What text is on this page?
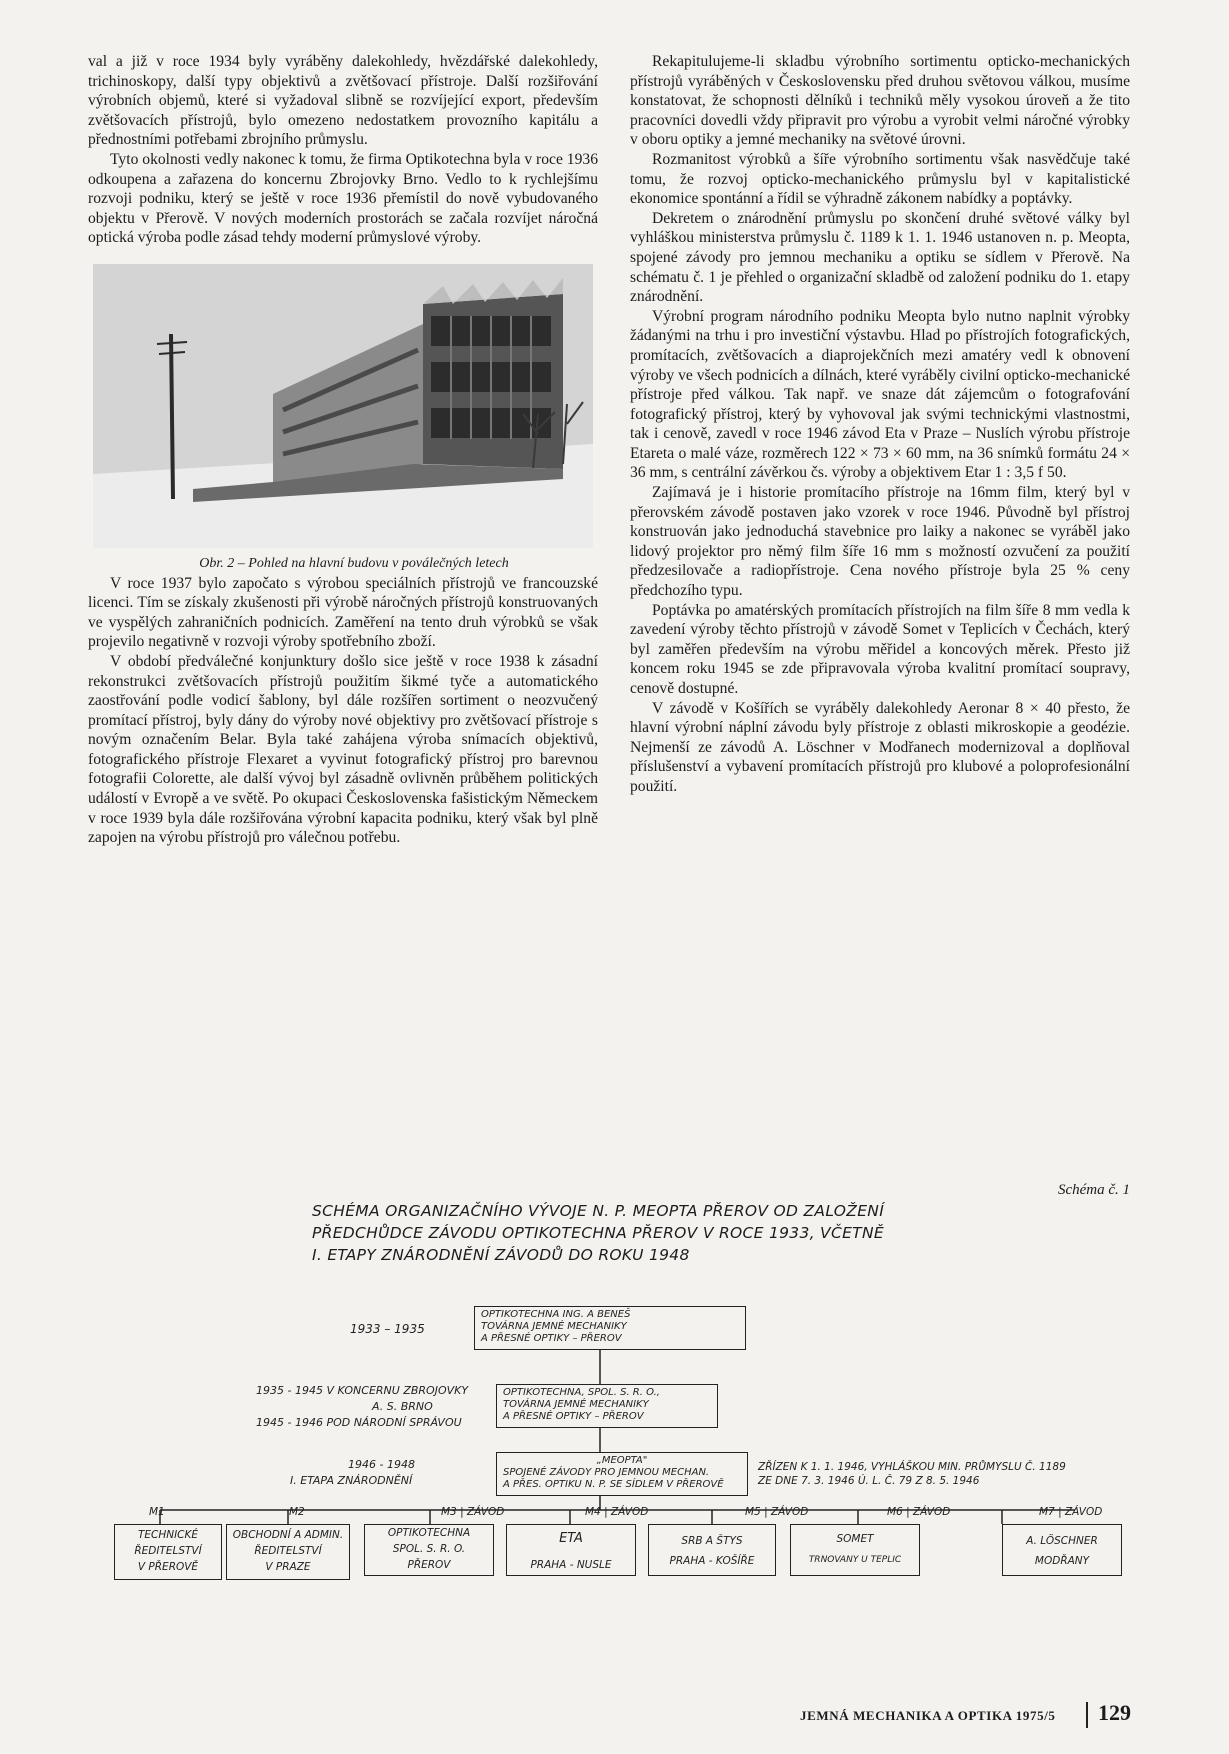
val a již v roce 1934 byly vyráběny dalekohledy, hvězdářské dalekohledy, trichinoskopy, další typy objektivů a zvětšovací přístroje. Další rozšiřování výrobních objemů, které si vyžadoval slibně se rozvíjející export, především zvětšovacích přístrojů, bylo omezeno nedostatkem provozního kapitálu a přednostními potřebami zbrojního průmyslu.

Tyto okolnosti vedly nakonec k tomu, že firma Optikotechna byla v roce 1936 odkoupena a zařazena do koncernu Zbrojovky Brno. Vedlo to k rychlejšímu rozvoji podniku, který se ještě v roce 1936 přemístil do nově vybudovaného objektu v Přerově. V nových moderních prostorách se začala rozvíjet náročná optická výroba podle zásad tehdy moderní průmyslové výroby.

Obr. 2 – Pohled na hlavní budovu v poválečných letech

V roce 1937 bylo započato s výrobou speciálních přístrojů ve francouzské licenci. Tím se získaly zkušenosti při výrobě náročných přístrojů konstruovaných ve vyspělých zahraničních podnicích. Zaměření na tento druh výrobků se však projevilo negativně v rozvoji výroby spotřebního zboží.

V období předválečné konjunktury došlo sice ještě v roce 1938 k zásadní rekonstrukci zvětšovacích přístrojů použitím šikmé tyče a automatického zaostřování podle vodicí šablony, byl dále rozšířen sortiment o neozvučený promítací přístroj, byly dány do výroby nové objektivy pro zvětšovací přístroje s novým označením Belar. Byla také zahájena výroba snímacích objektivů, fotografického přístroje Flexaret a vyvinut fotografický přístroj pro barevnou fotografii Colorette, ale další vývoj byl zásadně ovlivněn průběhem politických událostí v Evropě a ve světě. Po okupaci Československa fašistickým Německem v roce 1939 byla dále rozšiřována výrobní kapacita podniku, který však byl plně zapojen na výrobu přístrojů pro válečnou potřebu.

Rekapitulujeme-li skladbu výrobního sortimentu opticko-mechanických přístrojů vyráběných v Československu před druhou světovou válkou, musíme konstatovat, že schopnosti dělníků i techniků měly vysokou úroveň a že tito pracovníci dovedli vždy připravit pro výrobu a vyrobit velmi náročné výrobky v oboru optiky a jemné mechaniky na světové úrovni.

Rozmanitost výrobků a šíře výrobního sortimentu však nasvědčuje také tomu, že rozvoj opticko-mechanického průmyslu byl v kapitalistické ekonomice spontánní a řídil se výhradně zákonem nabídky a poptávky.

Dekretem o znárodnění průmyslu po skončení druhé světové války byl vyhláškou ministerstva průmyslu č. 1189 k 1. 1. 1946 ustanoven n. p. Meopta, spojené závody pro jemnou mechaniku a optiku se sídlem v Přerově. Na schématu č. 1 je přehled o organizační skladbě od založení podniku do 1. etapy znárodnění.

Výrobní program národního podniku Meopta bylo nutno naplnit výrobky žádanými na trhu i pro investiční výstavbu. Hlad po přístrojích fotografických, promítacích, zvětšovacích a diaprojekčních mezi amatéry vedl k obnovení výroby ve všech podnicích a dílnách, které vyráběly civilní opticko-mechanické přístroje před válkou. Tak např. ve snaze dát zájemcům o fotografování fotografický přístroj, který by vyhovoval jak svými technickými vlastnostmi, tak i cenově, zavedl v roce 1946 závod Eta v Praze – Nuslích výrobu přístroje Etareta o malé váze, rozměrech 122 × 73 × 60 mm, na 36 snímků formátu 24 × 36 mm, s centrální závěrkou čs. výroby a objektivem Etar 1 : 3,5 f 50.

Zajímavá je i historie promítacího přístroje na 16mm film, který byl v přerovském závodě postaven jako vzorek v roce 1946. Původně byl přístroj konstruován jako jednoduchá stavebnice pro laiky a nakonec se vyráběl jako lidový projektor pro němý film šíře 16 mm s možností ozvučení za použití předzesilovače a radiopřístroje. Cena nového přístroje byla 25 % ceny předchozího typu.

Poptávka po amatérských promítacích přístrojích na film šíře 8 mm vedla k zavedení výroby těchto přístrojů v závodě Somet v Teplicích v Čechách, který byl zaměřen především na výrobu měřidel a koncových měrek. Přesto již koncem roku 1945 se zde připravovala výroba kvalitní promítací soupravy, cenově dostupné.

V závodě v Košířích se vyráběly dalekohledy Aeronar 8 × 40 přesto, že hlavní výrobní náplní závodu byly přístroje z oblasti mikroskopie a geodézie. Nejmenší ze závodů A. Löschner v Modřanech modernizoval a doplňoval příslušenství a vybavení promítacích přístrojů pro klubové a poloprofesionální použití.

Schéma č. 1
SCHÉMA ORGANIZAČNÍHO VÝVOJE N. P. MEOPTA PŘEROV OD ZALOŽENÍ
PŘEDCHŮDCE ZÁVODU OPTIKOTECHNA PŘEROV V ROCE 1933, VČETNĚ
I. ETAPY ZNÁRODNĚNÍ ZÁVODŮ DO ROKU 1948
1933 – 1935
OPTIKOTECHNA ING. A BENEŠ
TOVÁRNA JEMNÉ MECHANIKY
A PŘESNÉ OPTIKY – PŘEROV
1935 - 1945 V KONCERNU ZBROJOVKY
A. S. BRNO
1945 - 1946 POD NÁRODNÍ SPRÁVOU
OPTIKOTECHNA, SPOL. S. R. O.,
TOVÁRNA JEMNÉ MECHANIKY
A PŘESNÉ OPTIKY – PŘEROV
1946 - 1948
I. ETAPA ZNÁRODNĚNÍ
„MEOPTA"
SPOJENÉ ZÁVODY PRO JEMNOU MECHAN.
A PŘES. OPTIKU N. P. SE SÍDLEM V PŘEROVĚ
ZŘÍZEN K 1. 1. 1946, VYHLÁŠKOU MIN. PRŮMYSLU Č. 1189
ZE DNE 7. 3. 1946 Ú. L. Č. 79 Z 8. 5. 1946
M1
TECHNICKÉ
ŘEDITELSTVÍ
V PŘEROVĚ
M2
OBCHODNÍ A ADMIN.
ŘEDITELSTVÍ
V PRAZE
M3 | ZÁVOD
OPTIKOTECHNA
SPOL. S. R. O.
PŘEROV
M4 | ZÁVOD
ETA
PRAHA - NUSLE
M5 | ZÁVOD
SRB A ŠTYS
PRAHA - KOŠÍŘE
M6 | ZÁVOD
SOMET
TRNOVANY U TEPLIC
M7 | ZÁVOD
A. LÖSCHNER
MODŘANY
JEMNÁ MECHANIKA A OPTIKA 1975/5 129
